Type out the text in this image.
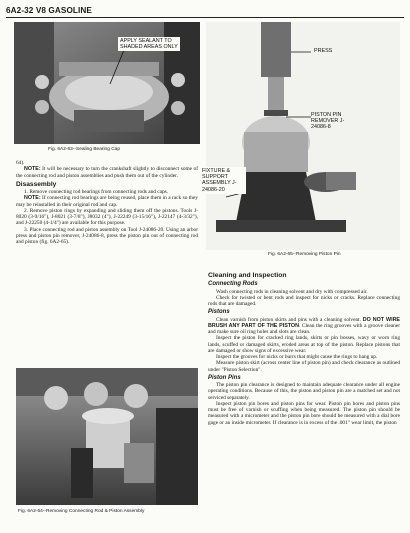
6A2-32 V8 GASOLINE
APPLY SEALANT TO SHADED AREAS ONLY
Fig. 6A2-63--Sealing Bearing Cap
PRESS
PISTON PIN REMOVER J-24086-8
FIXTURE & SUPPORT ASSEMBLY J-24086-20
Fig. 6A2-65--Removing Piston Pin

64).

NOTE: It will be necessary to turn the crankshaft slightly to disconnect some of the connecting rod and piston assemblies and push them out of the cylinder.

Disassembly

1. Remove connecting rod bearings from connecting rods and caps.

NOTE: If connecting rod bearings are being reused, place them in a rack so they may be reinstalled in their original rod and cap.

2. Remove piston rings by expanding and sliding them off the pistons. Tools J-8020 (3-9/16"), J-8021 (3-7/8"), J8032 (4"), J-22249 (3-15/16"), J-22147 (4-3/32"), and J-22250 (4-1/4") are available for this purpose.

3. Place connecting rod and piston assembly on Tool J-24086-20. Using an arbor press and piston pin remover, J-24086-8, press the piston pin out of connecting rod and piston (fig. 6A2-65).

Fig. 6A2-64--Removing Connecting Rod & Piston Assembly
Cleaning and Inspection
Connecting Rods

Wash connecting rods in cleaning solvent and dry with compressed air.

Check for twisted or bent rods and inspect for nicks or cracks. Replace connecting rods that are damaged.

Pistons

Clean varnish from piston skirts and pins with a cleaning solvent. DO NOT WIRE BRUSH ANY PART OF THE PISTON. Clean the ring grooves with a groove cleaner and make sure oil ring holes and slots are clean.

Inspect the piston for cracked ring lands, skirts or pin bosses, wavy or worn ring lands, scuffed or damaged skirts, eroded areas at top of the piston. Replace pistons that are damaged or show signs of excessive wear.

Inspect the grooves for nicks or burrs that might cause the rings to hang up.

Measure piston skirt (across center line of piston pin) and check clearance as outlined under "Piston Selection".

Piston Pins

The piston pin clearance is designed to maintain adequate clearance under all engine operating conditions. Because of this, the piston and piston pin are a matched set and not serviced separately.

Inspect piston pin bores and piston pins for wear. Piston pin bores and piston pins must be free of varnish or scuffing when being measured. The piston pin should be measured with a micrometer and the piston pin bore should be measured with a dial bore gage or an inside micrometer. If clearance is in excess of the .001" wear limit, the piston
